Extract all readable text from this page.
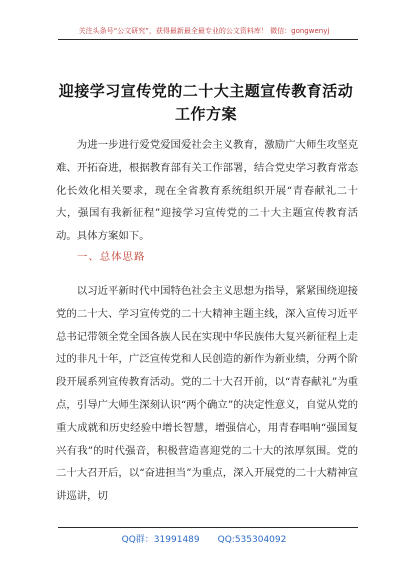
关注头条号“公文研究”，获得最新最全最专业的公文资料库！ 微信：gongwenyj
迎接学习宣传党的二十大主题宣传教育活动工作方案

为进一步进行爱党爱国爱社会主义教育，激励广大师生攻坚克难、开拓奋进，根据教育部有关工作部署，结合党史学习教育常态化长效化相关要求，现在全省教育系统组织开展“青春献礼二十大，强国有我新征程”迎接学习宣传党的二十大主题宣传教育活动。具体方案如下。

一、总体思路

以习近平新时代中国特色社会主义思想为指导，紧紧围绕迎接党的二十大、学习宣传党的二十大精神主题主线，深入宣传习近平总书记带领全党全国各族人民在实现中华民族伟大复兴新征程上走过的非凡十年，广泛宣传党和人民创造的新作为新业绩，分两个阶段开展系列宣传教育活动。党的二十大召开前，以“青春献礼”为重点，引导广大师生深刻认识“两个确立”的决定性意义，自觉从党的重大成就和历史经验中增长智慧，增强信心，用青春唱响“强国复兴有我”的时代强音，积极营造喜迎党的二十大的浓厚氛围。党的二十大召开后，以“奋进担当”为重点，深入开展党的二十大精神宣讲巡讲，切

QQ群：31991489　　QQ:535304092
